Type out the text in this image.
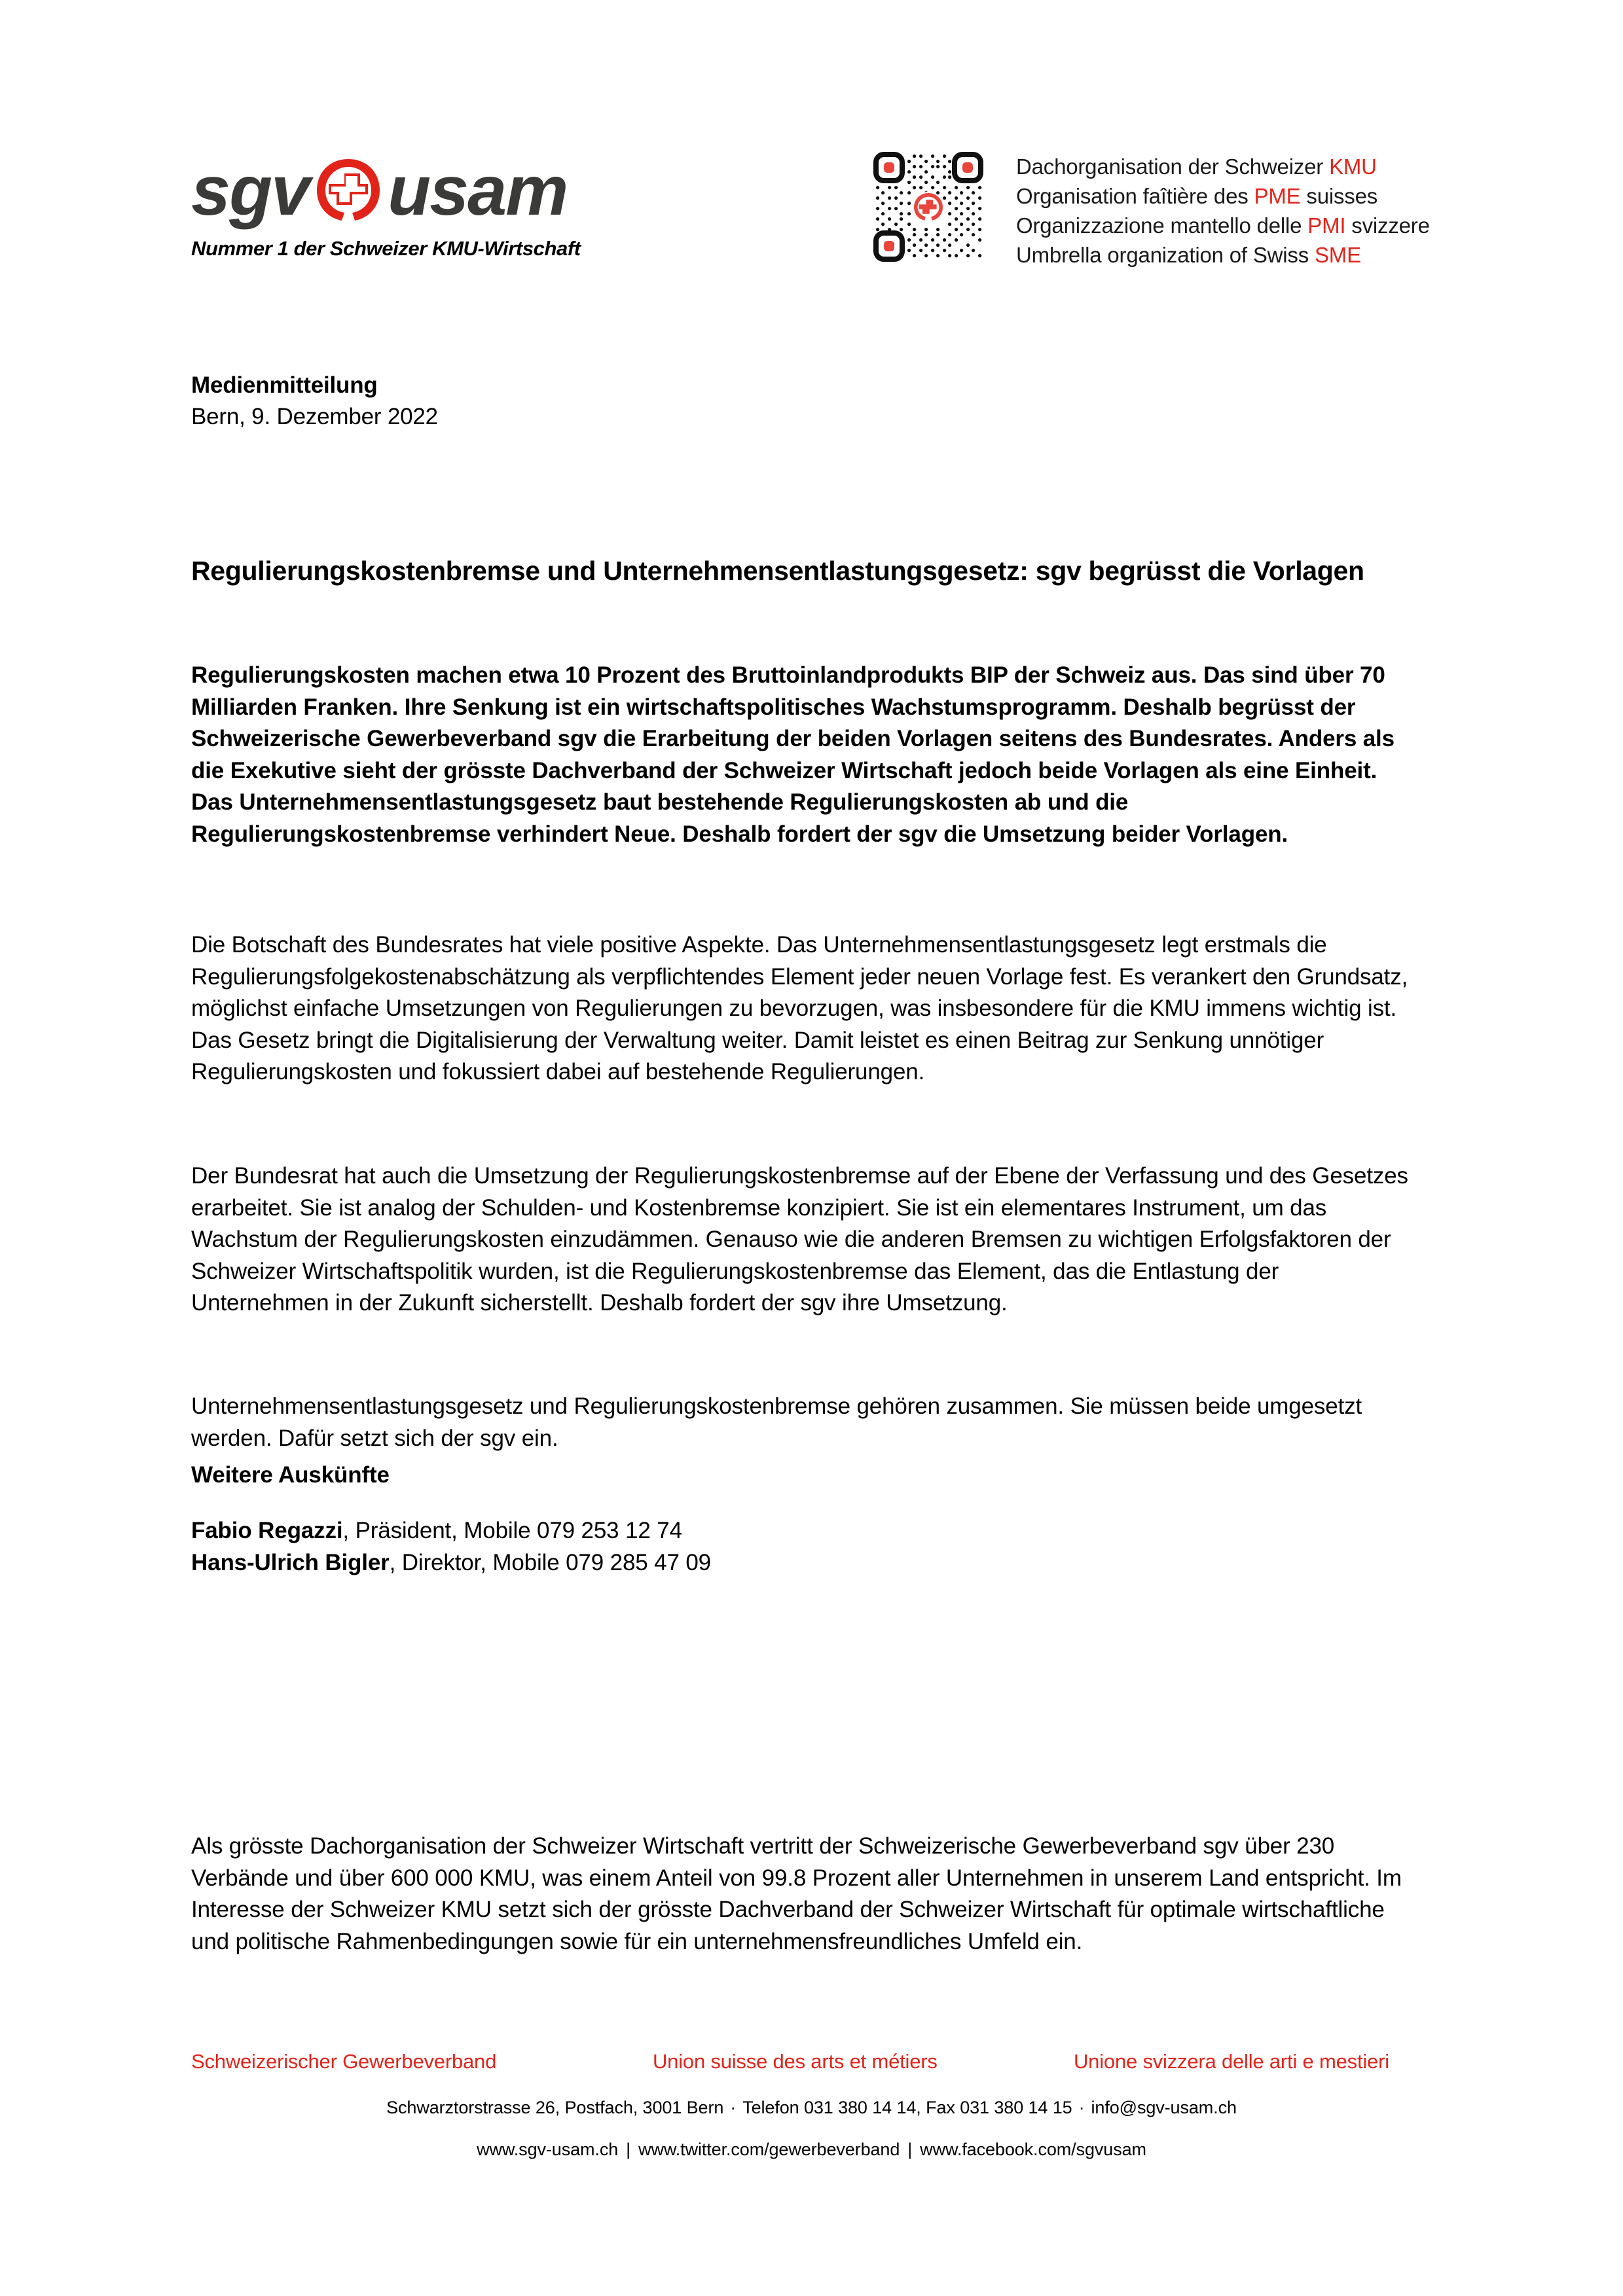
sgv usam
Nummer 1 der Schweizer KMU-Wirtschaft
Dachorganisation der Schweizer KMU
Organisation faîtière des PME suisses
Organizzazione mantello delle PMI svizzere
Umbrella organization of Swiss SME
Medienmitteilung
Bern, 9. Dezember 2022
Regulierungskostenbremse und Unternehmensentlastungsgesetz: sgv begrüsst die Vorlagen

Regulierungskosten machen etwa 10 Prozent des Bruttoinlandprodukts BIP der Schweiz aus. Das sind über 70 Milliarden Franken. Ihre Senkung ist ein wirtschaftspolitisches Wachstumsprogramm. Deshalb begrüsst der Schweizerische Gewerbeverband sgv die Erarbeitung der beiden Vorlagen seitens des Bundesrates. Anders als die Exekutive sieht der grösste Dachverband der Schweizer Wirtschaft jedoch beide Vorlagen als eine Einheit. Das Unternehmensentlastungsgesetz baut bestehende Regulierungskosten ab und die Regulierungskostenbremse verhindert Neue. Deshalb fordert der sgv die Umsetzung beider Vorlagen.

Die Botschaft des Bundesrates hat viele positive Aspekte. Das Unternehmensentlastungsgesetz legt erstmals die Regulierungsfolgekostenabschätzung als verpflichtendes Element jeder neuen Vorlage fest. Es verankert den Grundsatz, möglichst einfache Umsetzungen von Regulierungen zu bevorzugen, was insbesondere für die KMU immens wichtig ist. Das Gesetz bringt die Digitalisierung der Verwaltung weiter. Damit leistet es einen Beitrag zur Senkung unnötiger Regulierungskosten und fokussiert dabei auf bestehende Regulierungen.

Der Bundesrat hat auch die Umsetzung der Regulierungskostenbremse auf der Ebene der Verfassung und des Gesetzes erarbeitet. Sie ist analog der Schulden- und Kostenbremse konzipiert. Sie ist ein elementares Instrument, um das Wachstum der Regulierungskosten einzudämmen. Genauso wie die anderen Bremsen zu wichtigen Erfolgsfaktoren der Schweizer Wirtschaftspolitik wurden, ist die Regulierungskostenbremse das Element, das die Entlastung der Unternehmen in der Zukunft sicherstellt. Deshalb fordert der sgv ihre Umsetzung.

Unternehmensentlastungsgesetz und Regulierungskostenbremse gehören zusammen. Sie müssen beide umgesetzt werden. Dafür setzt sich der sgv ein.

Weitere Auskünfte
Fabio Regazzi, Präsident, Mobile 079 253 12 74
Hans-Ulrich Bigler, Direktor, Mobile 079 285 47 09

Als grösste Dachorganisation der Schweizer Wirtschaft vertritt der Schweizerische Gewerbeverband sgv über 230 Verbände und über 600 000 KMU, was einem Anteil von 99.8 Prozent aller Unternehmen in unserem Land entspricht. Im Interesse der Schweizer KMU setzt sich der grösste Dachverband der Schweizer Wirtschaft für optimale wirtschaftliche und politische Rahmenbedingungen sowie für ein unternehmensfreundliches Umfeld ein.

Schweizerischer Gewerbeverband	Union suisse des arts et métiers	Unione svizzera delle arti e mestieri
Schwarztorstrasse 26, Postfach, 3001 Bern · Telefon 031 380 14 14, Fax 031 380 14 15 · info@sgv-usam.ch
www.sgv-usam.ch | www.twitter.com/gewerbeverband | www.facebook.com/sgvusam
